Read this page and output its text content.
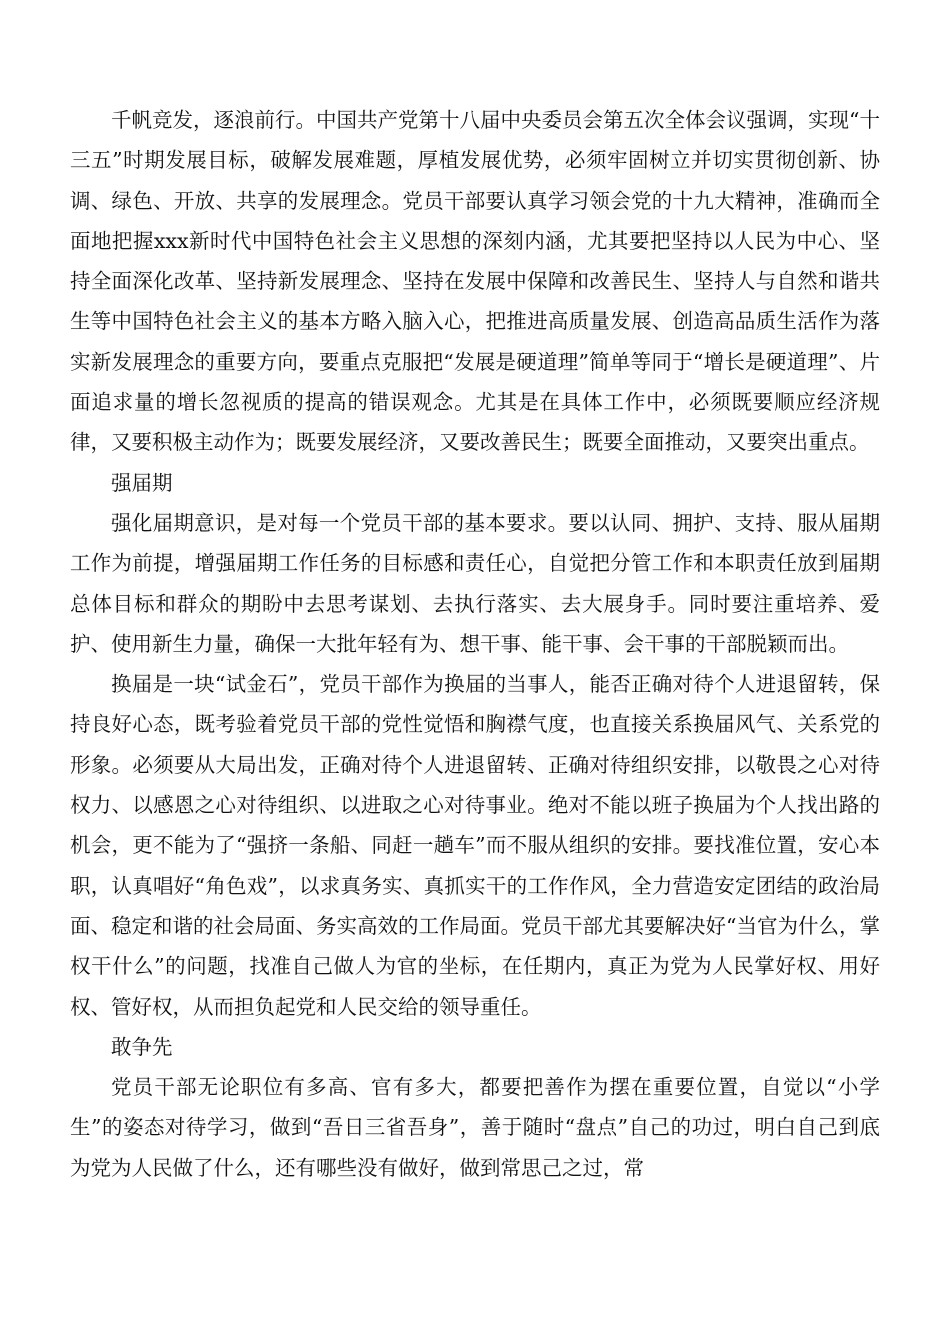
千帆竞发，逐浪前行。中国共产党第十八届中央委员会第五次全体会议强调，实现“十三五”时期发展目标，破解发展难题，厚植发展优势，必须牢固树立并切实贯彻创新、协调、绿色、开放、共享的发展理念。党员干部要认真学习领会党的十九大精神，准确而全面地把握xxx新时代中国特色社会主义思想的深刻内涵，尤其要把坚持以人民为中心、坚持全面深化改革、坚持新发展理念、坚持在发展中保障和改善民生、坚持人与自然和谐共生等中国特色社会主义的基本方略入脑入心，把推进高质量发展、创造高品质生活作为落实新发展理念的重要方向，要重点克服把“发展是硬道理”简单等同于“增长是硬道理”、片面追求量的增长忽视质的提高的错误观念。尤其是在具体工作中，必须既要顺应经济规律，又要积极主动作为；既要发展经济，又要改善民生；既要全面推动，又要突出重点。

强届期

强化届期意识，是对每一个党员干部的基本要求。要以认同、拥护、支持、服从届期工作为前提，增强届期工作任务的目标感和责任心，自觉把分管工作和本职责任放到届期总体目标和群众的期盼中去思考谋划、去执行落实、去大展身手。同时要注重培养、爱护、使用新生力量，确保一大批年轻有为、想干事、能干事、会干事的干部脱颖而出。

换届是一块“试金石”，党员干部作为换届的当事人，能否正确对待个人进退留转，保持良好心态，既考验着党员干部的党性觉悟和胸襟气度，也直接关系换届风气、关系党的形象。必须要从大局出发，正确对待个人进退留转、正确对待组织安排，以敬畏之心对待权力、以感恩之心对待组织、以进取之心对待事业。绝对不能以班子换届为个人找出路的机会，更不能为了“强挤一条船、同赶一趟车”而不服从组织的安排。要找准位置，安心本职，认真唱好“角色戏”，以求真务实、真抓实干的工作作风，全力营造安定团结的政治局面、稳定和谐的社会局面、务实高效的工作局面。党员干部尤其要解决好“当官为什么，掌权干什么”的问题，找准自己做人为官的坐标，在任期内，真正为党为人民掌好权、用好权、管好权，从而担负起党和人民交给的领导重任。

敢争先

党员干部无论职位有多高、官有多大，都要把善作为摆在重要位置，自觉以“小学生”的姿态对待学习，做到“吾日三省吾身”，善于随时“盘点”自己的功过，明白自己到底为党为人民做了什么，还有哪些没有做好，做到常思己之过，常
